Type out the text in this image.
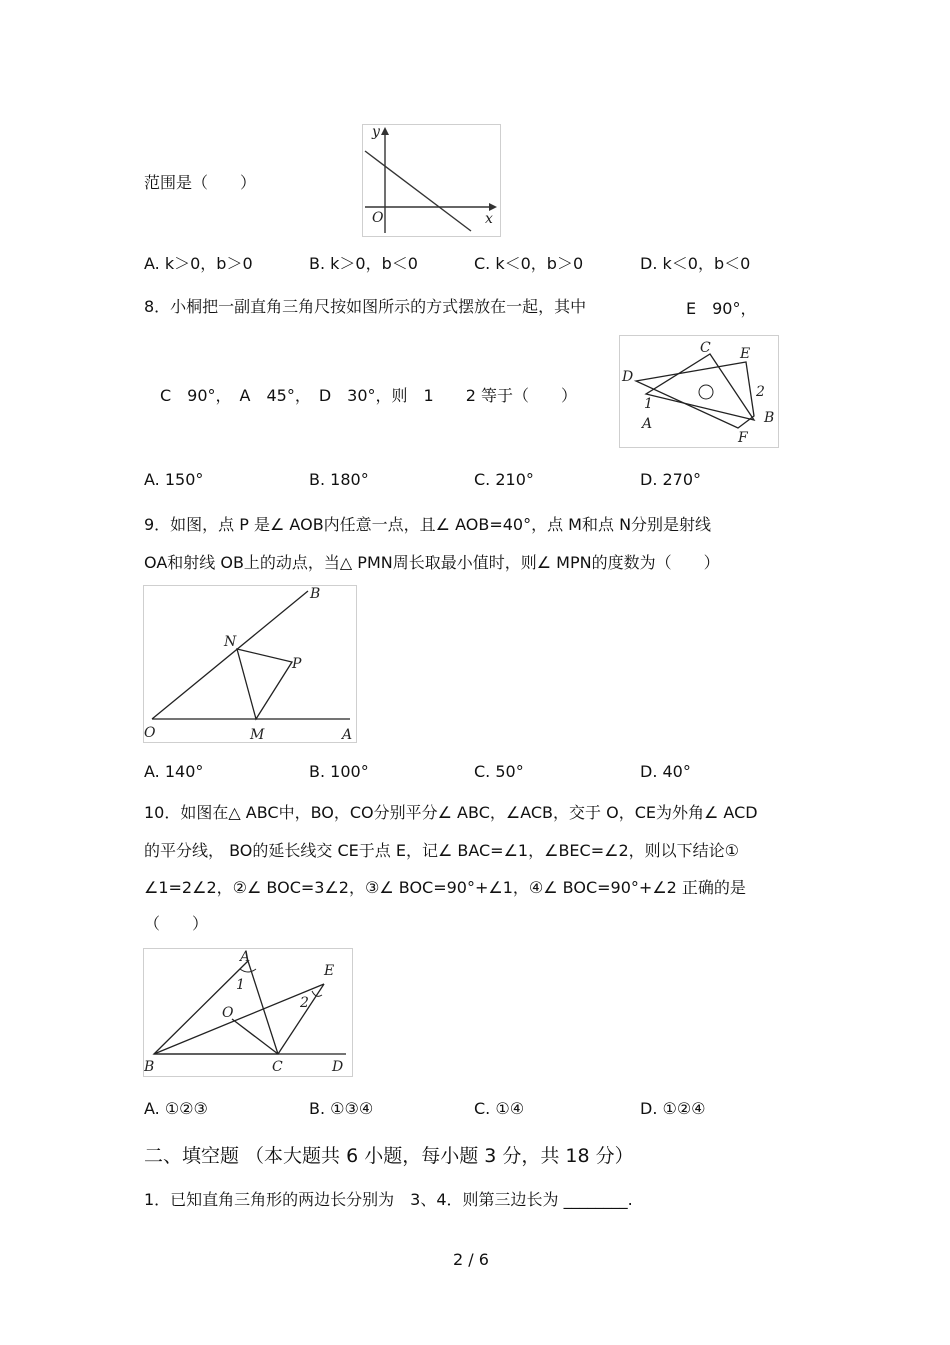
范围是（　　）
y
x
O
A. k＞0，b＞0	B. k＞0，b＜0	C. k＜0，b＞0	D. k＜0，b＜0
8．小桐把一副直角三角尺按如图所示的方式摆放在一起，其中	E　90°，
C　90°，　A　45°，　D　30°，则　1　　2 等于（　　）
C E
D
1
2
A	B
F
A. 150°	B. 180°	C. 210°	D. 270°
9．如图，点 P 是∠ AOB内任意一点，且∠ AOB=40°，点 M和点 N分别是射线
OA和射线 OB上的动点，当△ PMN周长取最小值时，则∠ MPN的度数为（　　）
B
N
P
O	M	A
A. 140°	B. 100°	C. 50°	D. 40°
10．如图在△ ABC中，BO，CO分别平分∠ ABC，∠ACB，交于 O，CE为外角∠ ACD
的平分线， BO的延长线交 CE于点 E，记∠ BAC=∠1，∠BEC=∠2，则以下结论①
∠1=2∠2，②∠ BOC=3∠2，③∠ BOC=90°+∠1，④∠ BOC=90°+∠2 正确的是
（　　）
A
E
1
O
2
B	C	D
A. ①②③	B. ①③④	C. ①④	D. ①②④
二、填空题 （本大题共 6 小题，每小题 3 分，共 18 分）
1．已知直角三角形的两边长分别为　3、4．则第三边长为 ________.
2 / 6
